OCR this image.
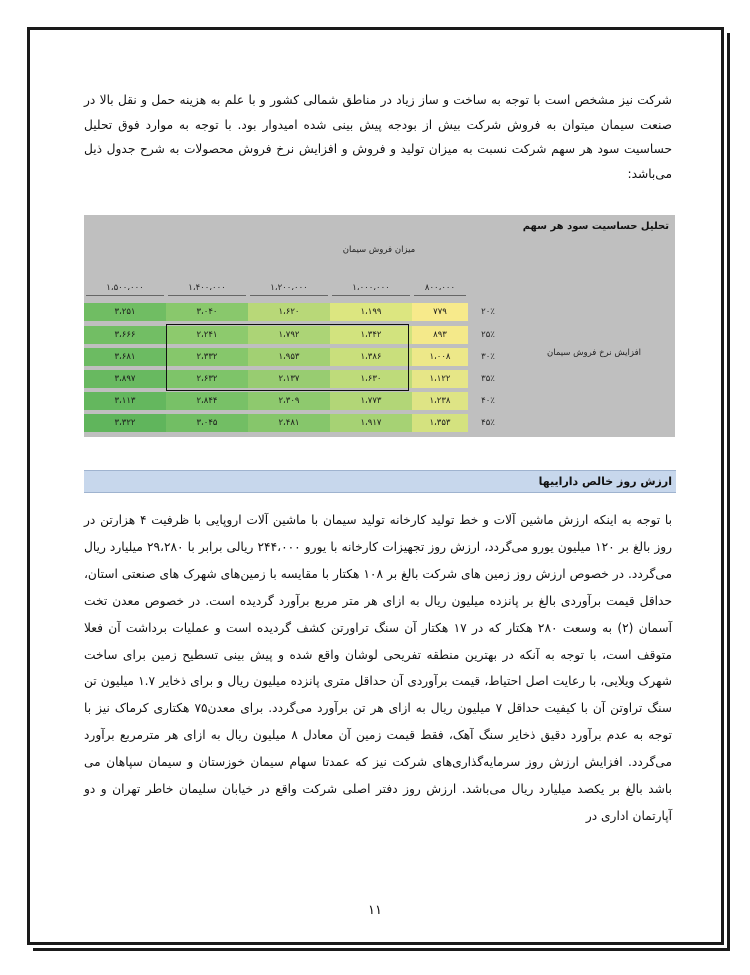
شرکت نیز مشخص است با توجه به ساخت و ساز زیاد در مناطق شمالی کشور و با علم به هزینه حمل و نقل بالا در صنعت سیمان میتوان به فروش شرکت بیش از بودجه پیش بینی شده امیدوار بود. با توجه به موارد فوق تحلیل حساسیت سود هر سهم شرکت نسبت به میزان تولید و فروش و افزایش نرخ فروش محصولات به شرح جدول ذیل می‌باشد:
تحلیل حساسیت سود هر سهم
میزان فروش سیمان
۱،۵۰۰،۰۰۰	۱،۴۰۰،۰۰۰	۱،۲۰۰،۰۰۰	۱،۰۰۰،۰۰۰	۸۰۰،۰۰۰
افزایش نرخ فروش سیمان
۲۰٪
۳،۲۵۱	۳،۰۴۰	۱،۶۲۰	۱،۱۹۹	۷۷۹
۲۵٪
۳،۶۶۶	۲،۲۴۱	۱،۷۹۲	۱،۳۴۲	۸۹۳
۳۰٪
۳،۶۸۱	۲،۳۳۲	۱،۹۵۳	۱،۳۸۶	۱،۰۰۸
۳۵٪
۳،۸۹۷	۲،۶۳۲	۲،۱۳۷	۱،۶۳۰	۱،۱۲۲
۴۰٪
۳،۱۱۳	۲،۸۴۴	۲،۳۰۹	۱،۷۷۳	۱،۲۳۸
۴۵٪
۳،۳۲۲	۳،۰۴۵	۲،۴۸۱	۱،۹۱۷	۱،۳۵۳
ارزش روز خالص داراییها
با توجه به اینکه ارزش ماشین آلات و خط تولید کارخانه تولید سیمان با ماشین آلات اروپایی با ظرفیت ۴ هزارتن در روز بالغ بر ۱۲۰ میلیون یورو می‌گردد، ارزش روز تجهیزات کارخانه با یورو ۲۴۴،۰۰۰ ریالی برابر با ۲۹،۲۸۰ میلیارد ریال می‌گردد. در خصوص ارزش روز زمین های شرکت بالغ بر ۱۰۸ هکتار با مقایسه با زمین‌های شهرک های صنعتی استان، حداقل قیمت برآوردی بالغ بر پانزده میلیون ریال به ازای هر متر مربع برآورد گردیده است. در خصوص معدن تخت آسمان (۲) به وسعت ۲۸۰ هکتار که در ۱۷ هکتار آن سنگ تراورتن کشف گردیده است و عملیات برداشت آن فعلا متوقف است، با توجه به آنکه در بهترین منطقه تفریحی لوشان واقع شده و پیش بینی تسطیح زمین برای ساخت شهرک ویلایی، با رعایت اصل احتیاط، قیمت برآوردی آن حداقل متری پانزده میلیون ریال و برای ذخایر ۱.۷ میلیون تن سنگ تراوتن آن با کیفیت حداقل ۷ میلیون ریال به ازای هر تن برآورد می‌گردد. برای معدن۷۵ هکتاری کرماک نیز با توجه به عدم برآورد دقیق ذخایر سنگ آهک، فقط قیمت زمین آن معادل ۸ میلیون ریال به ازای هر مترمربع برآورد می‌گردد. افزایش ارزش روز سرمایه‌گذاری‌های شرکت نیز که عمدتا سهام سیمان خوزستان و سیمان سپاهان می باشد بالغ بر یکصد میلیارد ریال می‌باشد. ارزش روز دفتر اصلی شرکت واقع در خیابان سلیمان خاطر تهران و دو آپارتمان اداری در
۱۱
